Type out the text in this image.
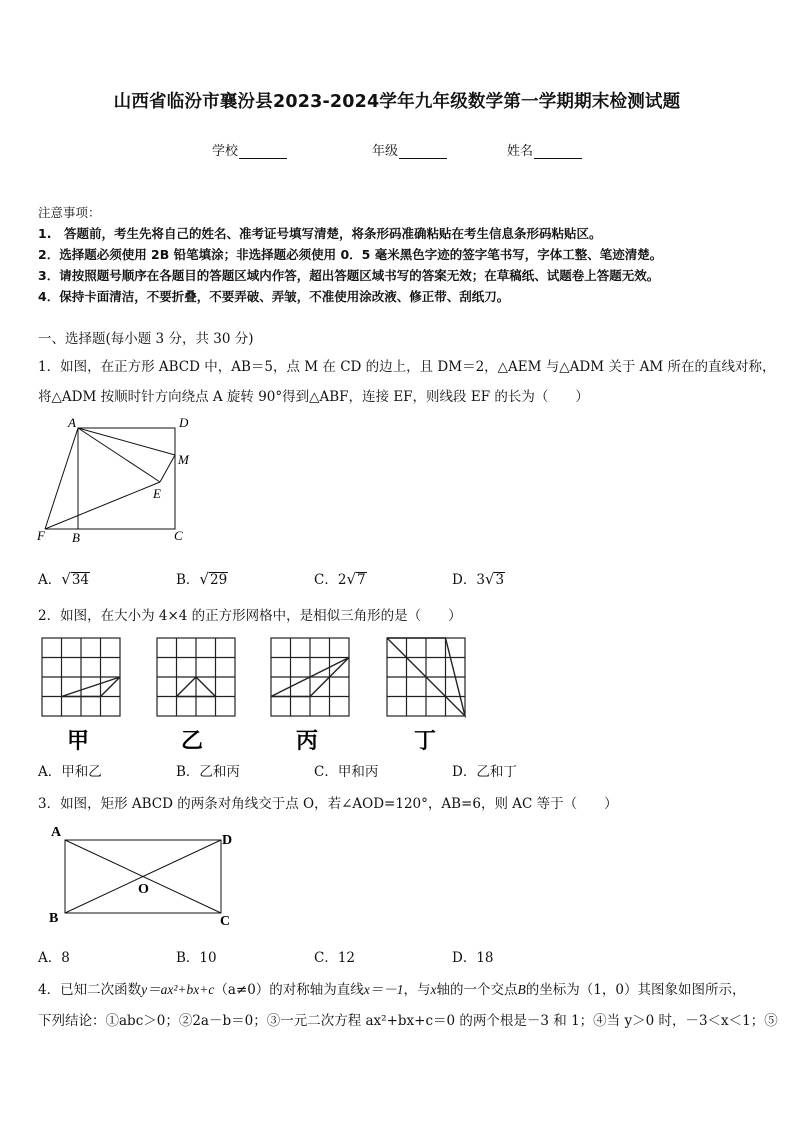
山西省临汾市襄汾县2023-2024学年九年级数学第一学期期末检测试题
学校	年级	姓名
注意事项：
1.　答题前，考生先将自己的姓名、准考证号填写清楚，将条形码准确粘贴在考生信息条形码粘贴区。
2．选择题必须使用 2B 铅笔填涂；非选择题必须使用 0．5 毫米黑色字迹的签字笔书写，字体工整、笔迹清楚。
3．请按照题号顺序在各题目的答题区域内作答，超出答题区域书写的答案无效；在草稿纸、试题卷上答题无效。
4．保持卡面清洁，不要折叠，不要弄破、弄皱，不准使用涂改液、修正带、刮纸刀。
一、选择题(每小题 3 分，共 30 分)
1．如图，在正方形 ABCD 中，AB＝5，点 M 在 CD 的边上，且 DM＝2，△AEM 与△ADM 关于 AM 所在的直线对称，
将△ADM 按顺时针方向绕点 A 旋转 90°得到△ABF，连接 EF，则线段 EF 的长为（　　）
A	D
M
E
F B	C
A．√34	B．√29	C．2√7	D．3√3
2．如图，在大小为 4×4 的正方形网格中，是相似三角形的是（　　）
甲	乙	丙	丁
A．甲和乙	B．乙和丙	C．甲和丙	D．乙和丁
3．如图，矩形 ABCD 的两条对角线交于点 O，若∠AOD=120°，AB=6，则 AC 等于（　　）
A
D
B	C
O
A．8	B．10	C．12	D．18
4．已知二次函数y＝ax²+bx+c（a≠0）的对称轴为直线x＝－1，与x轴的一个交点B的坐标为（1，0）其图象如图所示，
下列结论：①abc＞0；②2a－b＝0；③一元二次方程 ax²+bx+c＝0 的两个根是－3 和 1；④当 y＞0 时，－3＜x＜1；⑤
